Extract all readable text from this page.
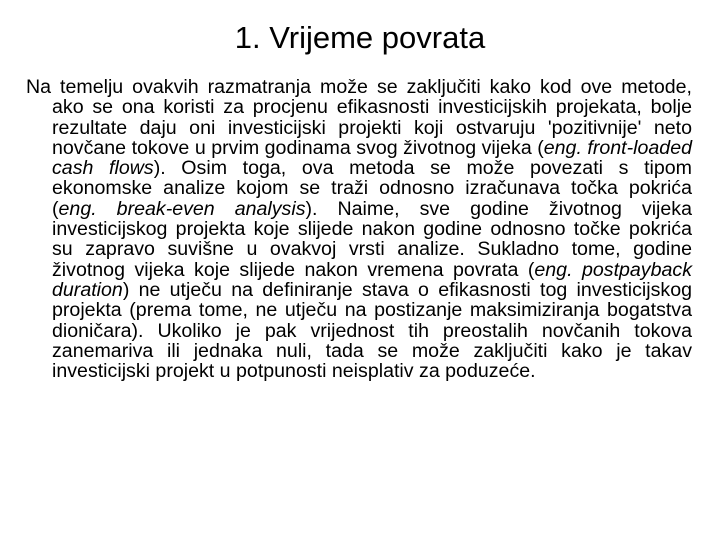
1. Vrijeme povrata

Na temelju ovakvih razmatranja može se zaključiti kako kod ove metode, ako se ona koristi za procjenu efikasnosti investicijskih projekata, bolje rezultate daju oni investicijski projekti koji ostvaruju 'pozitivnije' neto novčane tokove u prvim godinama svog životnog vijeka (eng. front-loaded cash flows). Osim toga, ova metoda se može povezati s tipom ekonomske analize kojom se traži odnosno izračunava točka pokrića (eng. break-even analysis). Naime, sve godine životnog vijeka investicijskog projekta koje slijede nakon godine odnosno točke pokrića su zapravo suvišne u ovakvoj vrsti analize. Sukladno tome, godine životnog vijeka koje slijede nakon vremena povrata (eng. postpayback duration) ne utječu na definiranje stava o efikasnosti tog investicijskog projekta (prema tome, ne utječu na postizanje maksimiziranja bogatstva dioničara). Ukoliko je pak vrijednost tih preostalih novčanih tokova zanemariva ili jednaka nuli, tada se može zaključiti kako je takav investicijski projekt u potpunosti neisplativ za poduzeće.
